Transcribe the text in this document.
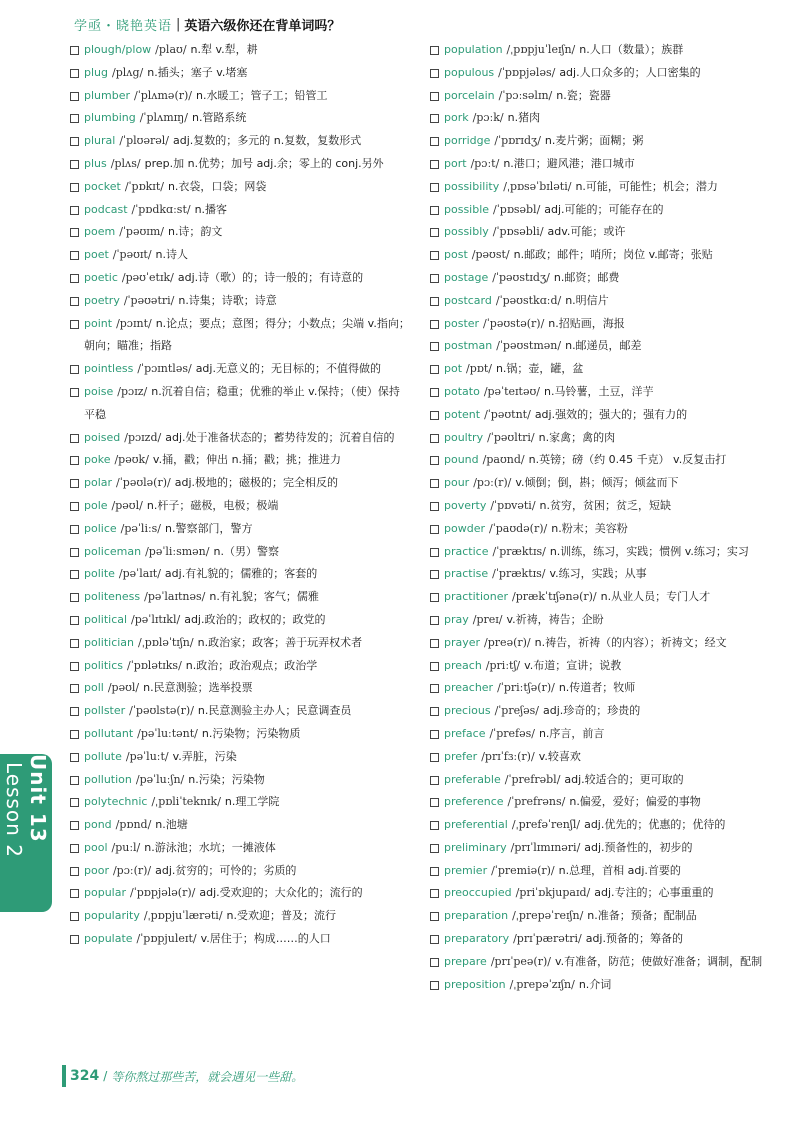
学亟・晓艳英语 | 英语六级你还在背单词吗？

plough/plow /plaʊ/ n.犁 v.犁，耕

plug /plʌg/ n.插头；塞子 v.堵塞

plumber /ˈplʌmə(r)/ n.水暖工；管子工；铅管工

plumbing /ˈplʌmɪŋ/ n.管路系统

plural /ˈplʊərəl/ adj.复数的；多元的 n.复数，复数形式

plus /plʌs/ prep.加 n.优势；加号 adj.余；零上的 conj.另外

pocket /ˈpɒkɪt/ n.衣袋，口袋；网袋

podcast /ˈpɒdkɑːst/ n.播客

poem /ˈpəʊɪm/ n.诗；韵文

poet /ˈpəʊɪt/ n.诗人

poetic /pəʊˈetɪk/ adj.诗（歌）的；诗一般的；有诗意的

poetry /ˈpəʊətri/ n.诗集；诗歌；诗意

point /pɔɪnt/ n.论点；要点；意图；得分；小数点；尖端 v.指向；朝向；瞄准；指路

pointless /ˈpɔɪntləs/ adj.无意义的；无目标的；不值得做的

poise /pɔɪz/ n.沉着自信；稳重；优雅的举止 v.保持；（使）保持平稳

poised /pɔɪzd/ adj.处于准备状态的；蓄势待发的；沉着自信的

poke /pəʊk/ v.捅，戳；伸出 n.捅；戳；挑；推进力

polar /ˈpəʊlə(r)/ adj.极地的；磁极的；完全相反的

pole /pəʊl/ n.杆子；磁极，电极；极端

police /pəˈliːs/ n.警察部门，警方

policeman /pəˈliːsmən/ n.（男）警察

polite /pəˈlaɪt/ adj.有礼貌的；儒雅的；客套的

politeness /pəˈlaɪtnəs/ n.有礼貌；客气；儒雅

political /pəˈlɪtɪkl/ adj.政治的；政权的；政党的

politician /ˌpɒləˈtɪʃn/ n.政治家；政客；善于玩弄权术者

politics /ˈpɒlətɪks/ n.政治；政治观点；政治学

poll /pəʊl/ n.民意测验；选举投票

pollster /ˈpəʊlstə(r)/ n.民意测验主办人；民意调查员

pollutant /pəˈluːtənt/ n.污染物；污染物质

pollute /pəˈluːt/ v.弄脏，污染

pollution /pəˈluːʃn/ n.污染；污染物

polytechnic /ˌpɒliˈteknɪk/ n.理工学院

pond /pɒnd/ n.池塘

pool /puːl/ n.游泳池；水坑；一摊液体

poor /pɔː(r)/ adj.贫穷的；可怜的；劣质的

popular /ˈpɒpjələ(r)/ adj.受欢迎的；大众化的；流行的

popularity /ˌpɒpjuˈlærəti/ n.受欢迎；普及；流行

populate /ˈpɒpjuleɪt/ v.居住于；构成……的人口

population /ˌpɒpjuˈleɪʃn/ n.人口（数量）；族群

populous /ˈpɒpjələs/ adj.人口众多的；人口密集的

porcelain /ˈpɔːsəlɪn/ n.瓷；瓷器

pork /pɔːk/ n.猪肉

porridge /ˈpɒrɪdʒ/ n.麦片粥；面糊；粥

port /pɔːt/ n.港口；避风港；港口城市

possibility /ˌpɒsəˈbɪləti/ n.可能，可能性；机会；潜力

possible /ˈpɒsəbl/ adj.可能的；可能存在的

possibly /ˈpɒsəbli/ adv.可能；或许

post /pəʊst/ n.邮政；邮件；哨所；岗位 v.邮寄；张贴

postage /ˈpəʊstɪdʒ/ n.邮资；邮费

postcard /ˈpəʊstkɑːd/ n.明信片

poster /ˈpəʊstə(r)/ n.招贴画，海报

postman /ˈpəʊstmən/ n.邮递员，邮差

pot /pɒt/ n.锅；壶，罐，盆

potato /pəˈteɪtəʊ/ n.马铃薯，土豆，洋芋

potent /ˈpəʊtnt/ adj.强效的；强大的；强有力的

poultry /ˈpəʊltri/ n.家禽；禽的肉

pound /paʊnd/ n.英镑；磅（约 0.45 千克） v.反复击打

pour /pɔː(r)/ v.倾倒；倒，斟；倾泻；倾盆而下

poverty /ˈpɒvəti/ n.贫穷，贫困；贫乏，短缺

powder /ˈpaʊdə(r)/ n.粉末；美容粉

practice /ˈpræktɪs/ n.训练，练习，实践；惯例 v.练习；实习

practise /ˈpræktɪs/ v.练习，实践；从事

practitioner /prækˈtɪʃənə(r)/ n.从业人员；专门人才

pray /preɪ/ v.祈祷，祷告；企盼

prayer /preə(r)/ n.祷告，祈祷（的内容）；祈祷文；经文

preach /priːtʃ/ v.布道；宣讲；说教

preacher /ˈpriːtʃə(r)/ n.传道者；牧师

precious /ˈpreʃəs/ adj.珍奇的；珍贵的

preface /ˈprefəs/ n.序言，前言

prefer /prɪˈfɜː(r)/ v.较喜欢

preferable /ˈprefrəbl/ adj.较适合的；更可取的

preference /ˈprefrəns/ n.偏爱，爱好；偏爱的事物

preferential /ˌprefəˈrenʃl/ adj.优先的；优惠的；优待的

preliminary /prɪˈlɪmɪnəri/ adj.预备性的，初步的

premier /ˈpremiə(r)/ n.总理，首相 adj.首要的

preoccupied /priˈɒkjupaɪd/ adj.专注的；心事重重的

preparation /ˌprepəˈreɪʃn/ n.准备；预备；配制品

preparatory /prɪˈpærətri/ adj.预备的；筹备的

prepare /prɪˈpeə(r)/ v.有准备，防范；使做好准备；调制，配制

preposition /ˌprepəˈzɪʃn/ n.介词

Unit 13 Lesson 2
324 / 等你熬过那些苦，就会遇见一些甜。
